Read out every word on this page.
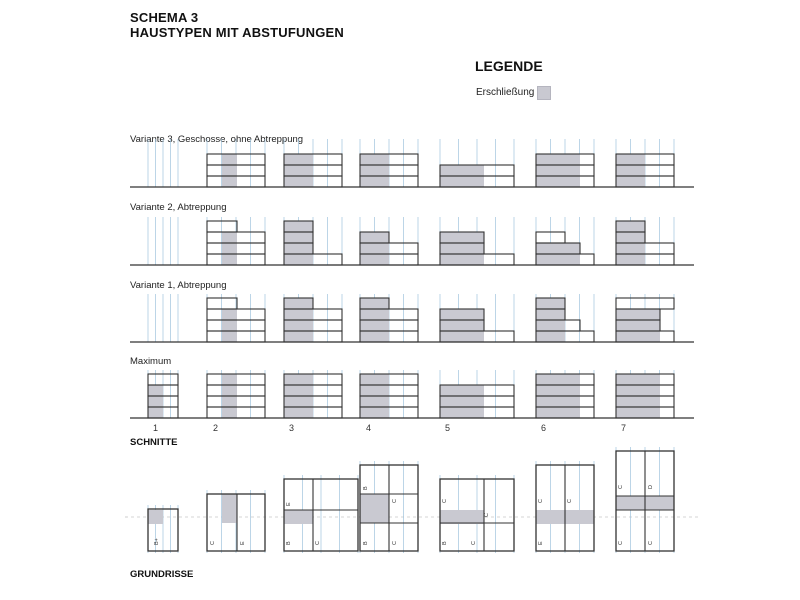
SCHEMA 3
HAUSTYPEN MIT ABSTUFUNGEN
LEGENDE
Erschließung
Variante 3, Geschosse, ohne Abtreppung
Variante 2, Abtreppung
Variante 1, Abtreppung
Maximum
1	2	3	4	5	6	7
SCHNITTE
GRUNDRISSE
B+	C	E
E
B	C
B
C
B	C
C
C
B	C
C	C
E
C	D
C	C
